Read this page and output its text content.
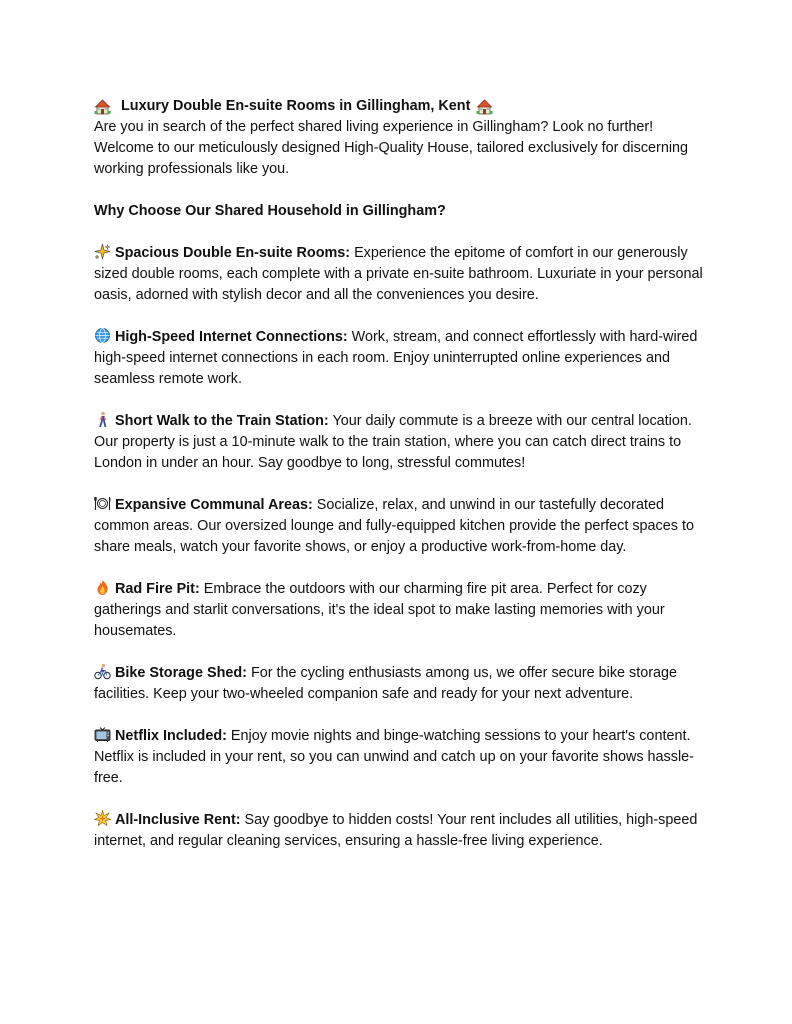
Luxury Double En-suite Rooms in Gillingham, Kent

Are you in search of the perfect shared living experience in Gillingham? Look no further! Welcome to our meticulously designed High-Quality House, tailored exclusively for discerning working professionals like you.

Why Choose Our Shared Household in Gillingham?

Spacious Double En-suite Rooms: Experience the epitome of comfort in our generously sized double rooms, each complete with a private en-suite bathroom. Luxuriate in your personal oasis, adorned with stylish decor and all the conveniences you desire.

High-Speed Internet Connections: Work, stream, and connect effortlessly with hard-wired high-speed internet connections in each room. Enjoy uninterrupted online experiences and seamless remote work.

Short Walk to the Train Station: Your daily commute is a breeze with our central location. Our property is just a 10-minute walk to the train station, where you can catch direct trains to London in under an hour. Say goodbye to long, stressful commutes!

Expansive Communal Areas: Socialize, relax, and unwind in our tastefully decorated common areas. Our oversized lounge and fully-equipped kitchen provide the perfect spaces to share meals, watch your favorite shows, or enjoy a productive work-from-home day.

Rad Fire Pit: Embrace the outdoors with our charming fire pit area. Perfect for cozy gatherings and starlit conversations, it's the ideal spot to make lasting memories with your housemates.

Bike Storage Shed: For the cycling enthusiasts among us, we offer secure bike storage facilities. Keep your two-wheeled companion safe and ready for your next adventure.

Netflix Included: Enjoy movie nights and binge-watching sessions to your heart's content. Netflix is included in your rent, so you can unwind and catch up on your favorite shows hassle-free.

All-Inclusive Rent: Say goodbye to hidden costs! Your rent includes all utilities, high-speed internet, and regular cleaning services, ensuring a hassle-free living experience.
